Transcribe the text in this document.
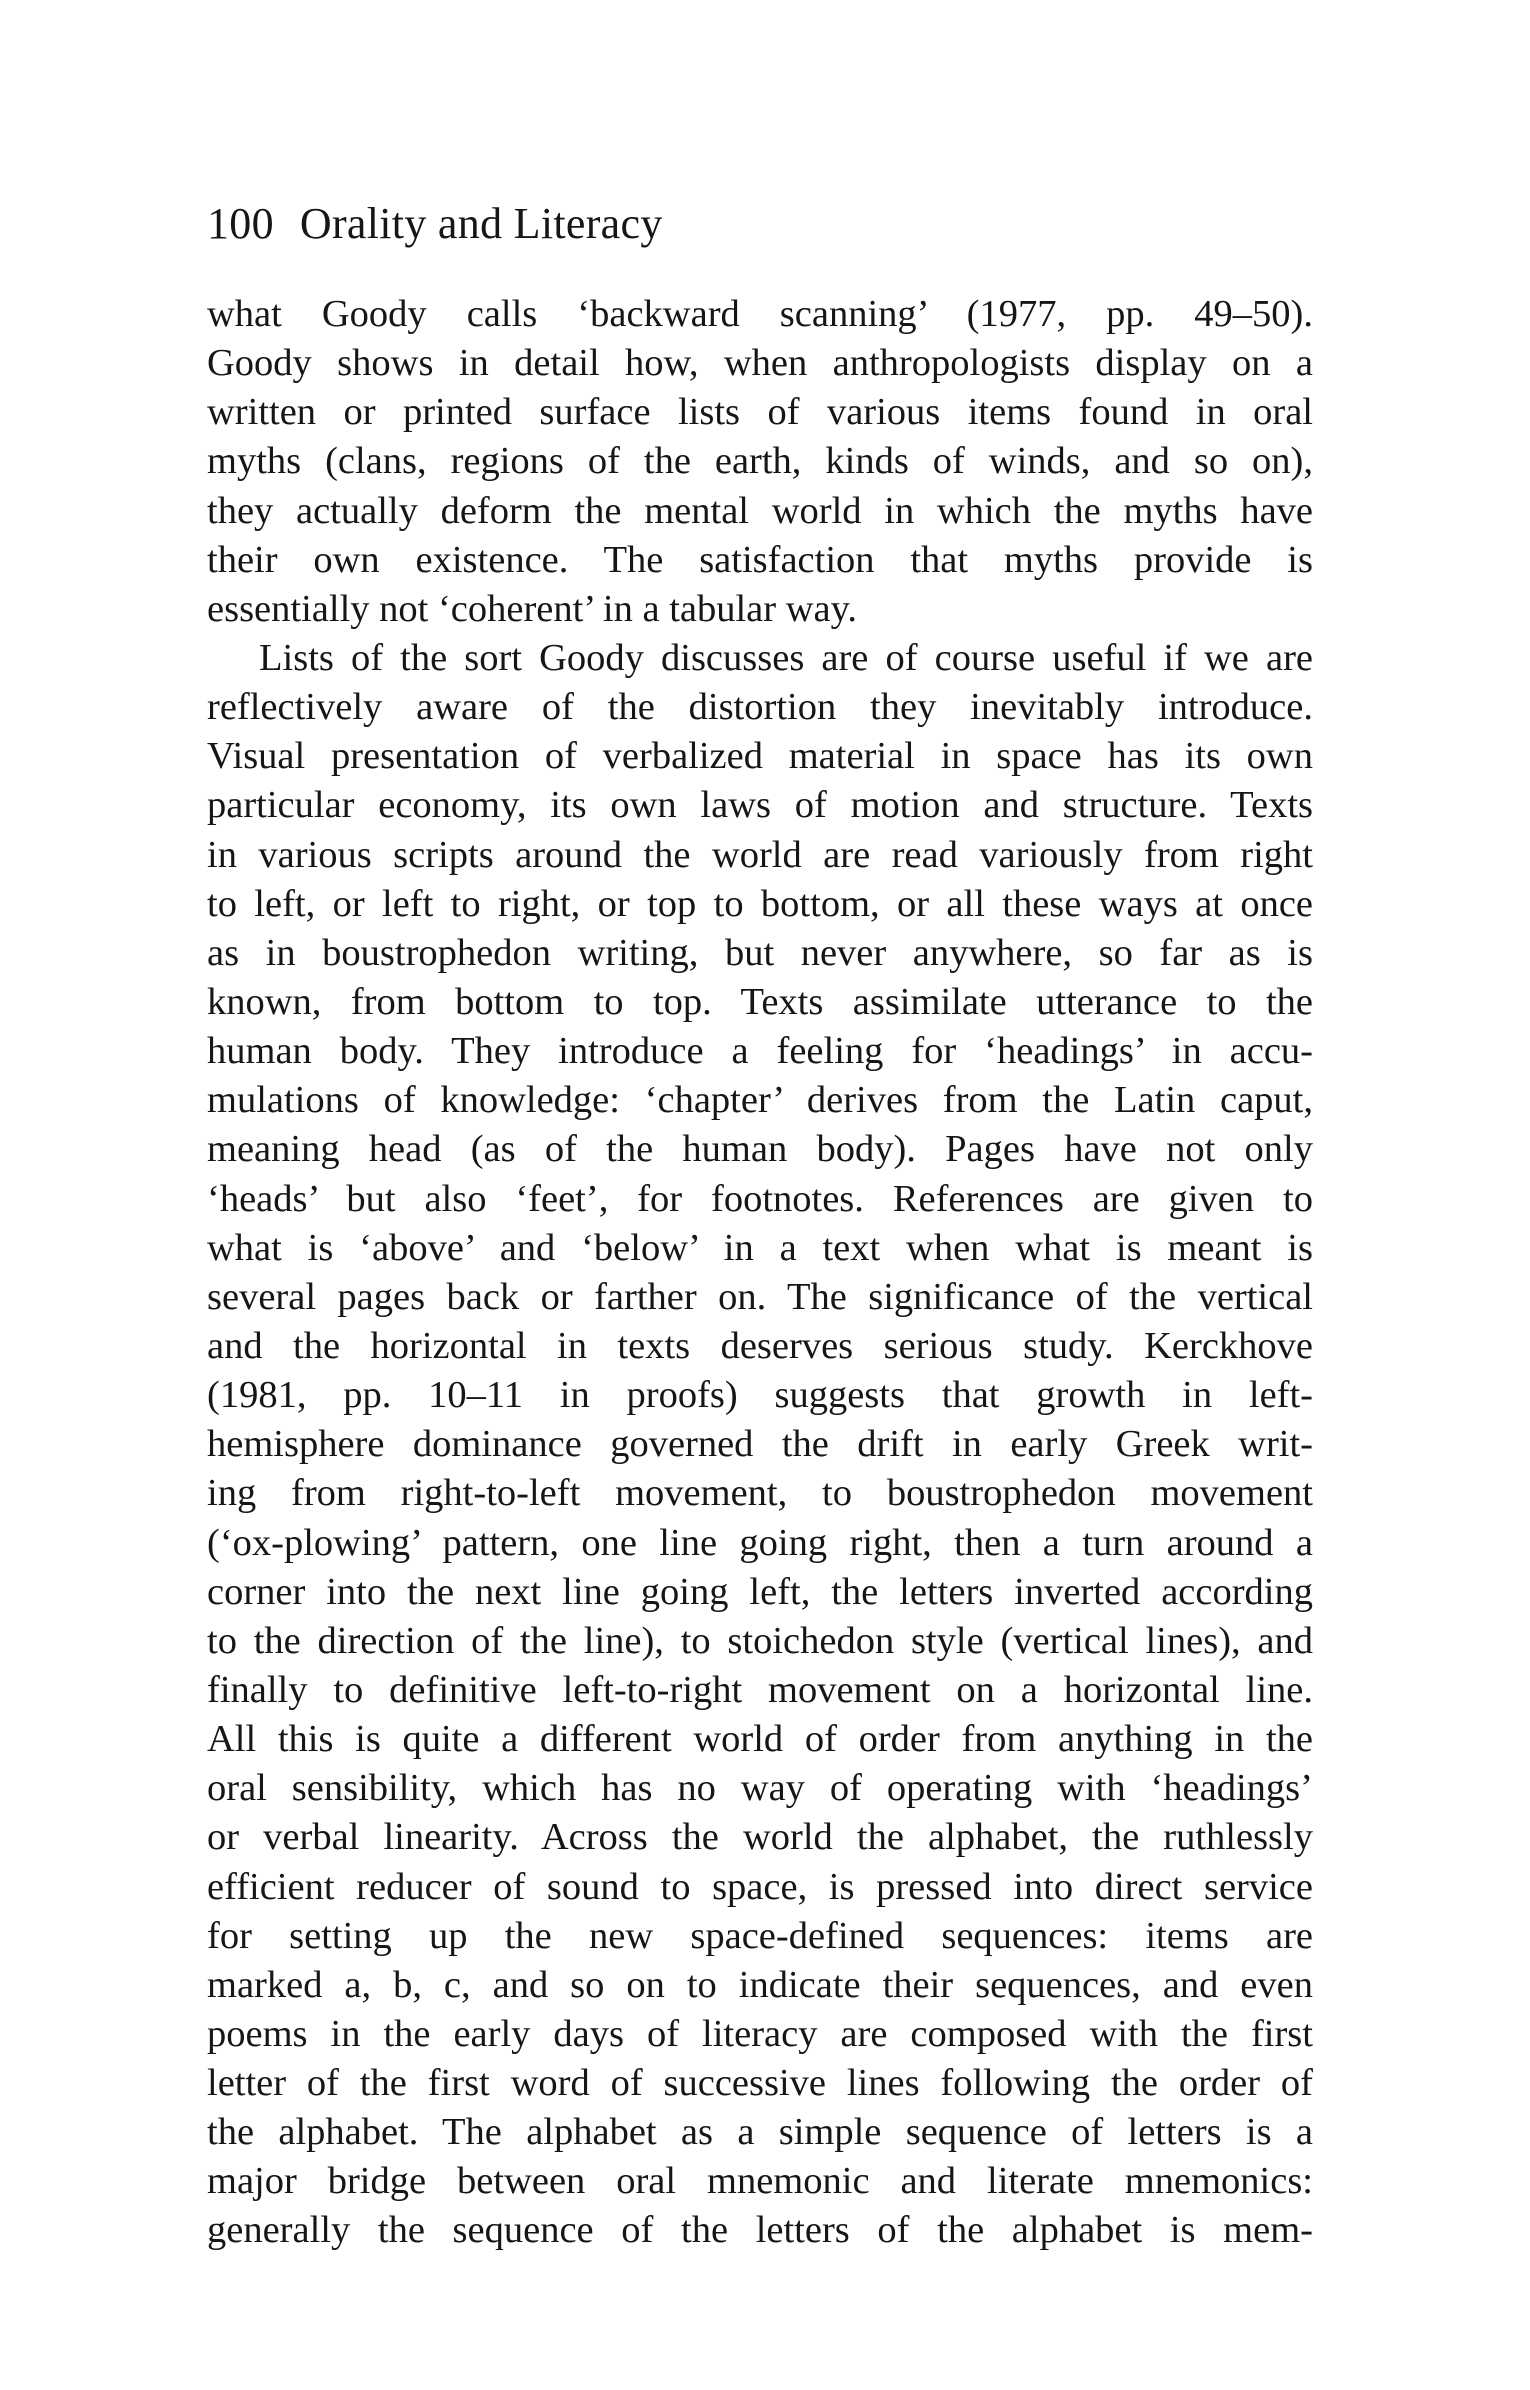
100 Orality and Literacy
what Goody calls ‘backward scanning’ (1977, pp. 49–50).
Goody shows in detail how, when anthropologists display on a
written or printed surface lists of various items found in oral
myths (clans, regions of the earth, kinds of winds, and so on),
they actually deform the mental world in which the myths have
their own existence. The satisfaction that myths provide is
essentially not ‘coherent’ in a tabular way.
Lists of the sort Goody discusses are of course useful if we are
reflectively aware of the distortion they inevitably introduce.
Visual presentation of verbalized material in space has its own
particular economy, its own laws of motion and structure. Texts
in various scripts around the world are read variously from right
to left, or left to right, or top to bottom, or all these ways at once
as in boustrophedon writing, but never anywhere, so far as is
known, from bottom to top. Texts assimilate utterance to the
human body. They introduce a feeling for ‘headings’ in accu-
mulations of knowledge: ‘chapter’ derives from the Latin caput,
meaning head (as of the human body). Pages have not only
‘heads’ but also ‘feet’, for footnotes. References are given to
what is ‘above’ and ‘below’ in a text when what is meant is
several pages back or farther on. The significance of the vertical
and the horizontal in texts deserves serious study. Kerckhove
(1981, pp. 10–11 in proofs) suggests that growth in left-
hemisphere dominance governed the drift in early Greek writ-
ing from right-to-left movement, to boustrophedon movement
(‘ox-plowing’ pattern, one line going right, then a turn around a
corner into the next line going left, the letters inverted according
to the direction of the line), to stoichedon style (vertical lines), and
finally to definitive left-to-right movement on a horizontal line.
All this is quite a different world of order from anything in the
oral sensibility, which has no way of operating with ‘headings’
or verbal linearity. Across the world the alphabet, the ruthlessly
efficient reducer of sound to space, is pressed into direct service
for setting up the new space-defined sequences: items are
marked a, b, c, and so on to indicate their sequences, and even
poems in the early days of literacy are composed with the first
letter of the first word of successive lines following the order of
the alphabet. The alphabet as a simple sequence of letters is a
major bridge between oral mnemonic and literate mnemonics:
generally the sequence of the letters of the alphabet is mem-
